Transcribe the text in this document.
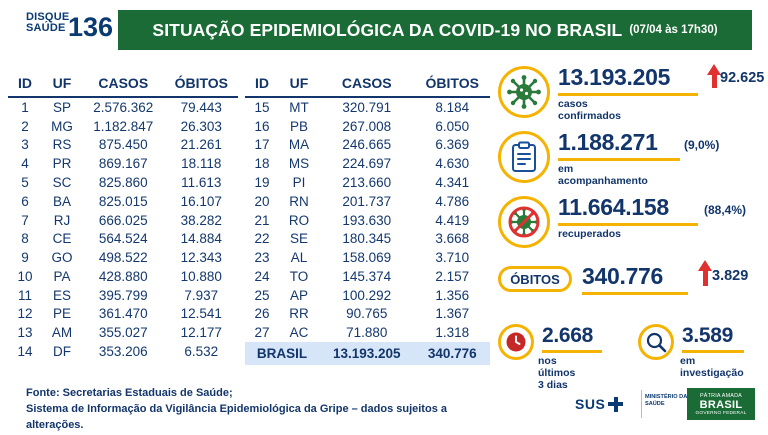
DISQUE
SAÚDE 136 SITUAÇÃO EPIDEMIOLÓGICA DA COVID-19 NO BRASIL (07/04 às 17h30)
ID	UF	CASOS	ÓBITOS
1	SP	2.576.362	79.443
2	MG	1.182.847	26.303
3	RS	875.450	21.261
4	PR	869.167	18.118
5	SC	825.860	11.613
6	BA	825.015	16.107
7	RJ	666.025	38.282
8	CE	564.524	14.884
9	GO	498.522	12.343
10	PA	428.880	10.880
11	ES	395.799	7.937
12	PE	361.470	12.541
13	AM	355.027	12.177
14	DF	353.206	6.532
ID	UF	CASOS	ÓBITOS
15	MT	320.791	8.184
16	PB	267.008	6.050
17	MA	246.665	6.369
18	MS	224.697	4.630
19	PI	213.660	4.341
20	RN	201.737	4.786
21	RO	193.630	4.419
22	SE	180.345	3.668
23	AL	158.069	3.710
24	TO	145.374	2.157
25	AP	100.292	1.356
26	RR	90.765	1.367
27	AC	71.880	1.318
BRASIL		13.193.205	340.776
13.193.205
casos confirmados
92.625
1.188.271
em acompanhamento
(9,0%)
11.664.158
recuperados
(88,4%)
ÓBITOS 340.776	3.829
2.668
nos últimos 3 dias
3.589
em investigação
Fonte: Secretarias Estaduais de Saúde;
Sistema de Informação da Vigilância Epidemiológica da Gripe – dados sujeitos a alterações.
SUS	MINISTÉRIO DA
SAÚDE
PÁTRIA AMADA
BRASIL
GOVERNO FEDERAL
